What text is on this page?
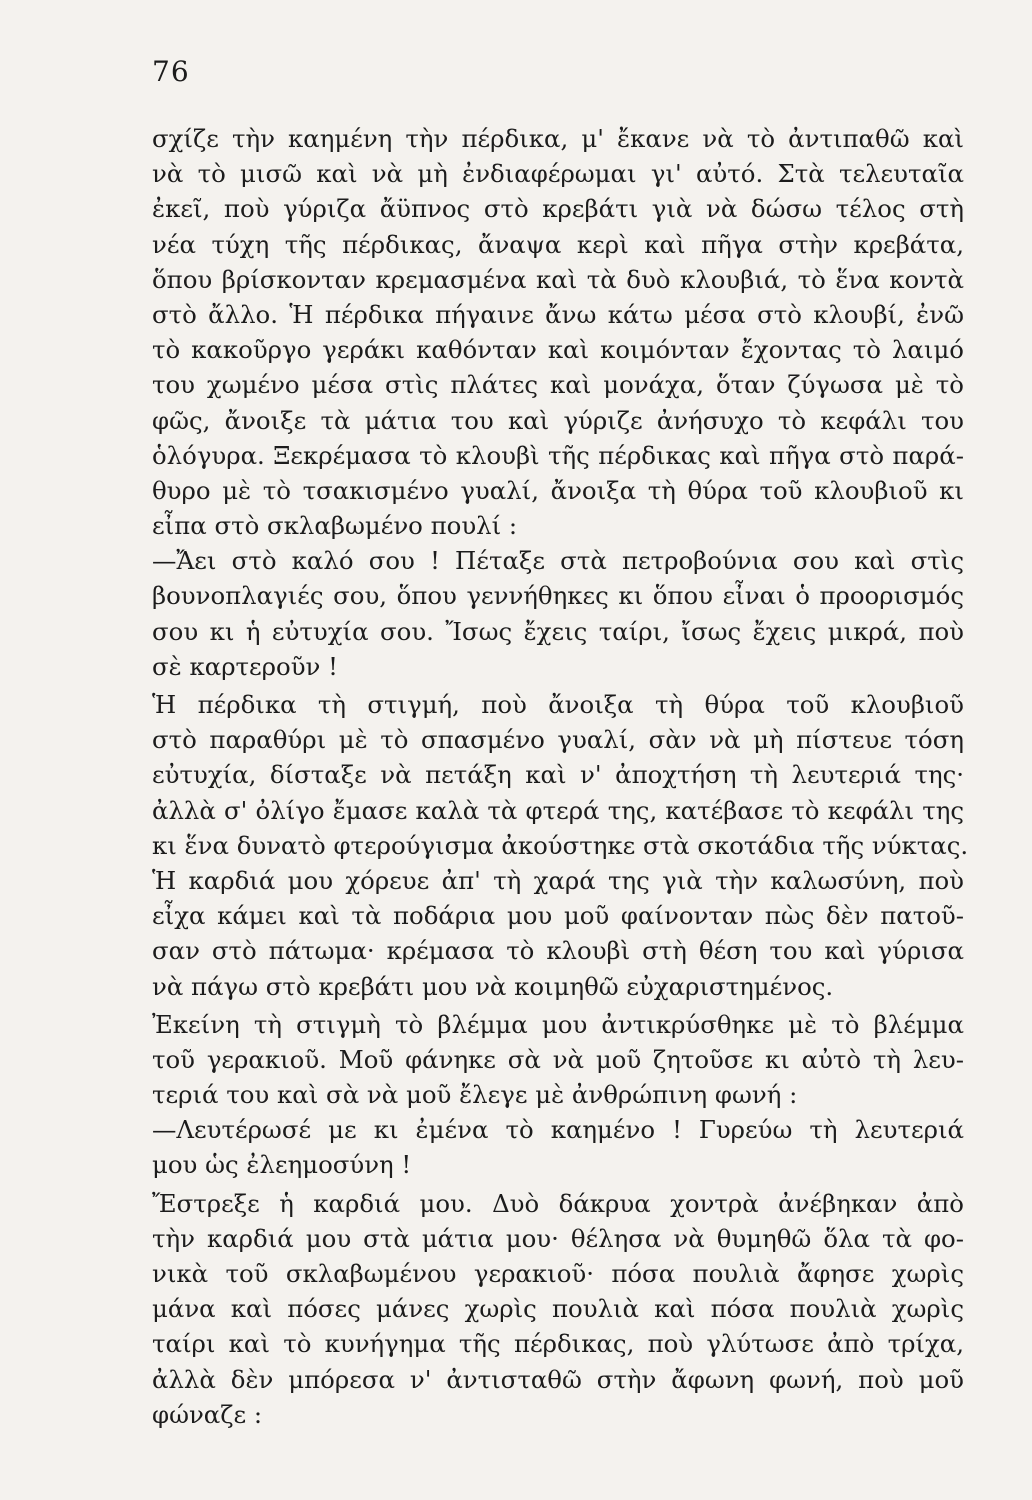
76
σχίζε τὴν καημένη τὴν πέρδικα, μ' ἔκανε νὰ τὸ ἀντιπαθῶ καὶ
νὰ τὸ μισῶ καὶ νὰ μὴ ἐνδιαφέρωμαι γι' αὐτό. Στὰ τελευταῖα
ἐκεῖ, ποὺ γύριζα ἄϋπνος στὸ κρεβάτι γιὰ νὰ δώσω τέλος στὴ
νέα τύχη τῆς πέρδικας, ἄναψα κερὶ καὶ πῆγα στὴν κρεβάτα,
ὅπου βρίσκονταν κρεμασμένα καὶ τὰ δυὸ κλουβιά, τὸ ἕνα κοντὰ
στὸ ἄλλο. Ἡ πέρδικα πήγαινε ἄνω κάτω μέσα στὸ κλουβί, ἐνῶ
τὸ κακοῦργο γεράκι καθόνταν καὶ κοιμόνταν ἔχοντας τὸ λαιμό
του χωμένο μέσα στὶς πλάτες καὶ μονάχα, ὅταν ζύγωσα μὲ τὸ
φῶς, ἄνοιξε τὰ μάτια του καὶ γύριζε ἀνήσυχο τὸ κεφάλι του
ὁλόγυρα. Ξεκρέμασα τὸ κλουβὶ τῆς πέρδικας καὶ πῆγα στὸ παρά-
θυρο μὲ τὸ τσακισμένο γυαλί, ἄνοιξα τὴ θύρα τοῦ κλουβιοῦ κι
εἶπα στὸ σκλαβωμένο πουλί :
—Ἄει στὸ καλό σου ! Πέταξε στὰ πετροβούνια σου καὶ στὶς
βουνοπλαγιές σου, ὅπου γεννήθηκες κι ὅπου εἶναι ὁ προορισμός
σου κι ἡ εὐτυχία σου. Ἴσως ἔχεις ταίρι, ἴσως ἔχεις μικρά, ποὺ
σὲ καρτεροῦν !
Ἡ πέρδικα τὴ στιγμή, ποὺ ἄνοιξα τὴ θύρα τοῦ κλουβιοῦ
στὸ παραθύρι μὲ τὸ σπασμένο γυαλί, σὰν νὰ μὴ πίστευε τόση
εὐτυχία, δίσταξε νὰ πετάξη καὶ ν' ἀποχτήση τὴ λευτεριά της·
ἀλλὰ σ' ὀλίγο ἔμασε καλὰ τὰ φτερά της, κατέβασε τὸ κεφάλι της
κι ἕνα δυνατὸ φτερούγισμα ἀκούστηκε στὰ σκοτάδια τῆς νύκτας.
Ἡ καρδιά μου χόρευε ἀπ' τὴ χαρά της γιὰ τὴν καλωσύνη, ποὺ
εἶχα κάμει καὶ τὰ ποδάρια μου μοῦ φαίνονταν πὼς δὲν πατοῦ-
σαν στὸ πάτωμα· κρέμασα τὸ κλουβὶ στὴ θέση του καὶ γύρισα
νὰ πάγω στὸ κρεβάτι μου νὰ κοιμηθῶ εὐχαριστημένος.
Ἐκείνη τὴ στιγμὴ τὸ βλέμμα μου ἀντικρύσθηκε μὲ τὸ βλέμμα
τοῦ γερακιοῦ. Μοῦ φάνηκε σὰ νὰ μοῦ ζητοῦσε κι αὐτὸ τὴ λευ-
τεριά του καὶ σὰ νὰ μοῦ ἔλεγε μὲ ἀνθρώπινη φωνή :
—Λευτέρωσέ με κι ἐμένα τὸ καημένο ! Γυρεύω τὴ λευτεριά
μου ὡς ἐλεημοσύνη !
Ἔστρεξε ἡ καρδιά μου. Δυὸ δάκρυα χοντρὰ ἀνέβηκαν ἀπὸ
τὴν καρδιά μου στὰ μάτια μου· θέλησα νὰ θυμηθῶ ὅλα τὰ φο-
νικὰ τοῦ σκλαβωμένου γερακιοῦ· πόσα πουλιὰ ἄφησε χωρὶς
μάνα καὶ πόσες μάνες χωρὶς πουλιὰ καὶ πόσα πουλιὰ χωρὶς
ταίρι καὶ τὸ κυνήγημα τῆς πέρδικας, ποὺ γλύτωσε ἀπὸ τρίχα,
ἀλλὰ δὲν μπόρεσα ν' ἀντισταθῶ στὴν ἄφωνη φωνή, ποὺ μοῦ
φώναζε :
